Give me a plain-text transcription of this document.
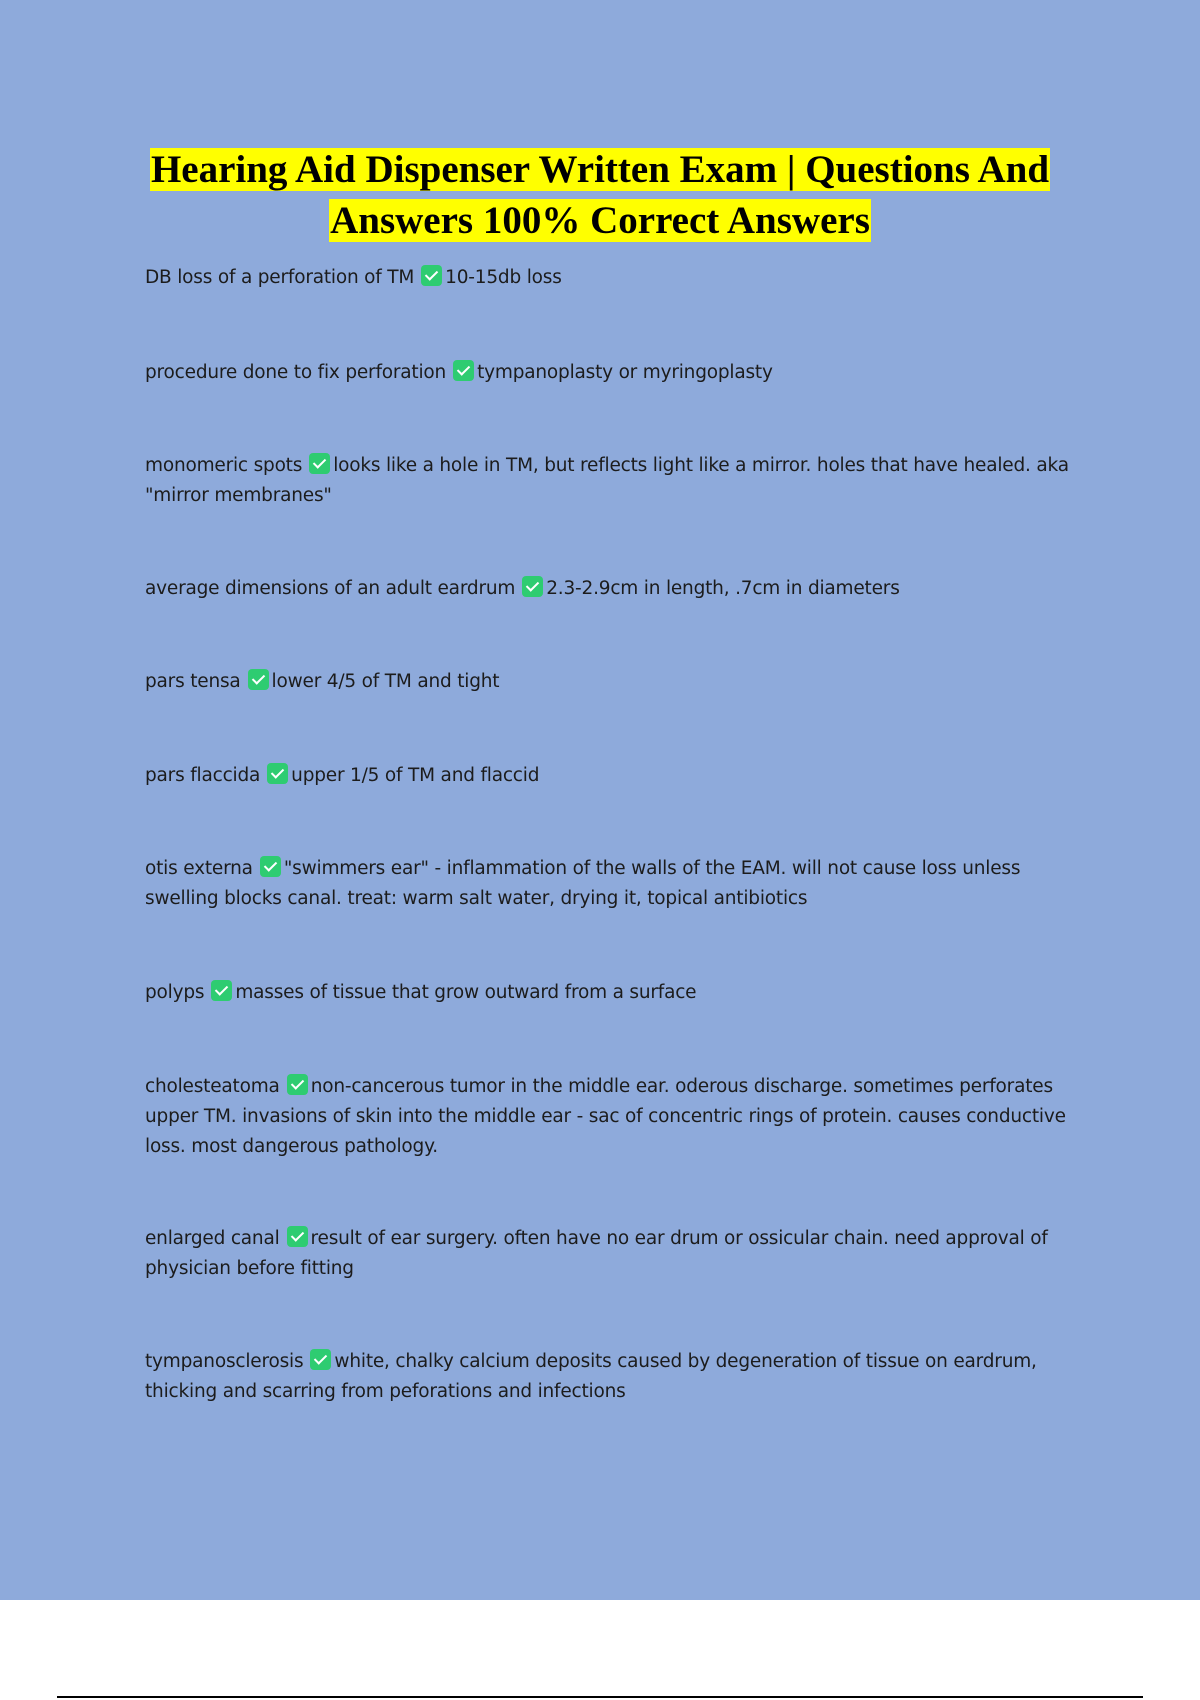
Hearing Aid Dispenser Written Exam | Questions And
Answers 100% Correct Answers

DB loss of a perforation of TM 10-15db loss

procedure done to fix perforation tympanoplasty or myringoplasty

monomeric spots looks like a hole in TM, but reflects light like a mirror. holes that have healed. aka "mirror membranes"

average dimensions of an adult eardrum 2.3-2.9cm in length, .7cm in diameters

pars tensa lower 4/5 of TM and tight

pars flaccida upper 1/5 of TM and flaccid

otis externa "swimmers ear" - inflammation of the walls of the EAM. will not cause loss unless swelling blocks canal. treat: warm salt water, drying it, topical antibiotics

polyps masses of tissue that grow outward from a surface

cholesteatoma non-cancerous tumor in the middle ear. oderous discharge. sometimes perforates upper TM. invasions of skin into the middle ear - sac of concentric rings of protein. causes conductive loss. most dangerous pathology.

enlarged canal result of ear surgery. often have no ear drum or ossicular chain. need approval of physician before fitting

tympanosclerosis white, chalky calcium deposits caused by degeneration of tissue on eardrum, thicking and scarring from peforations and infections
